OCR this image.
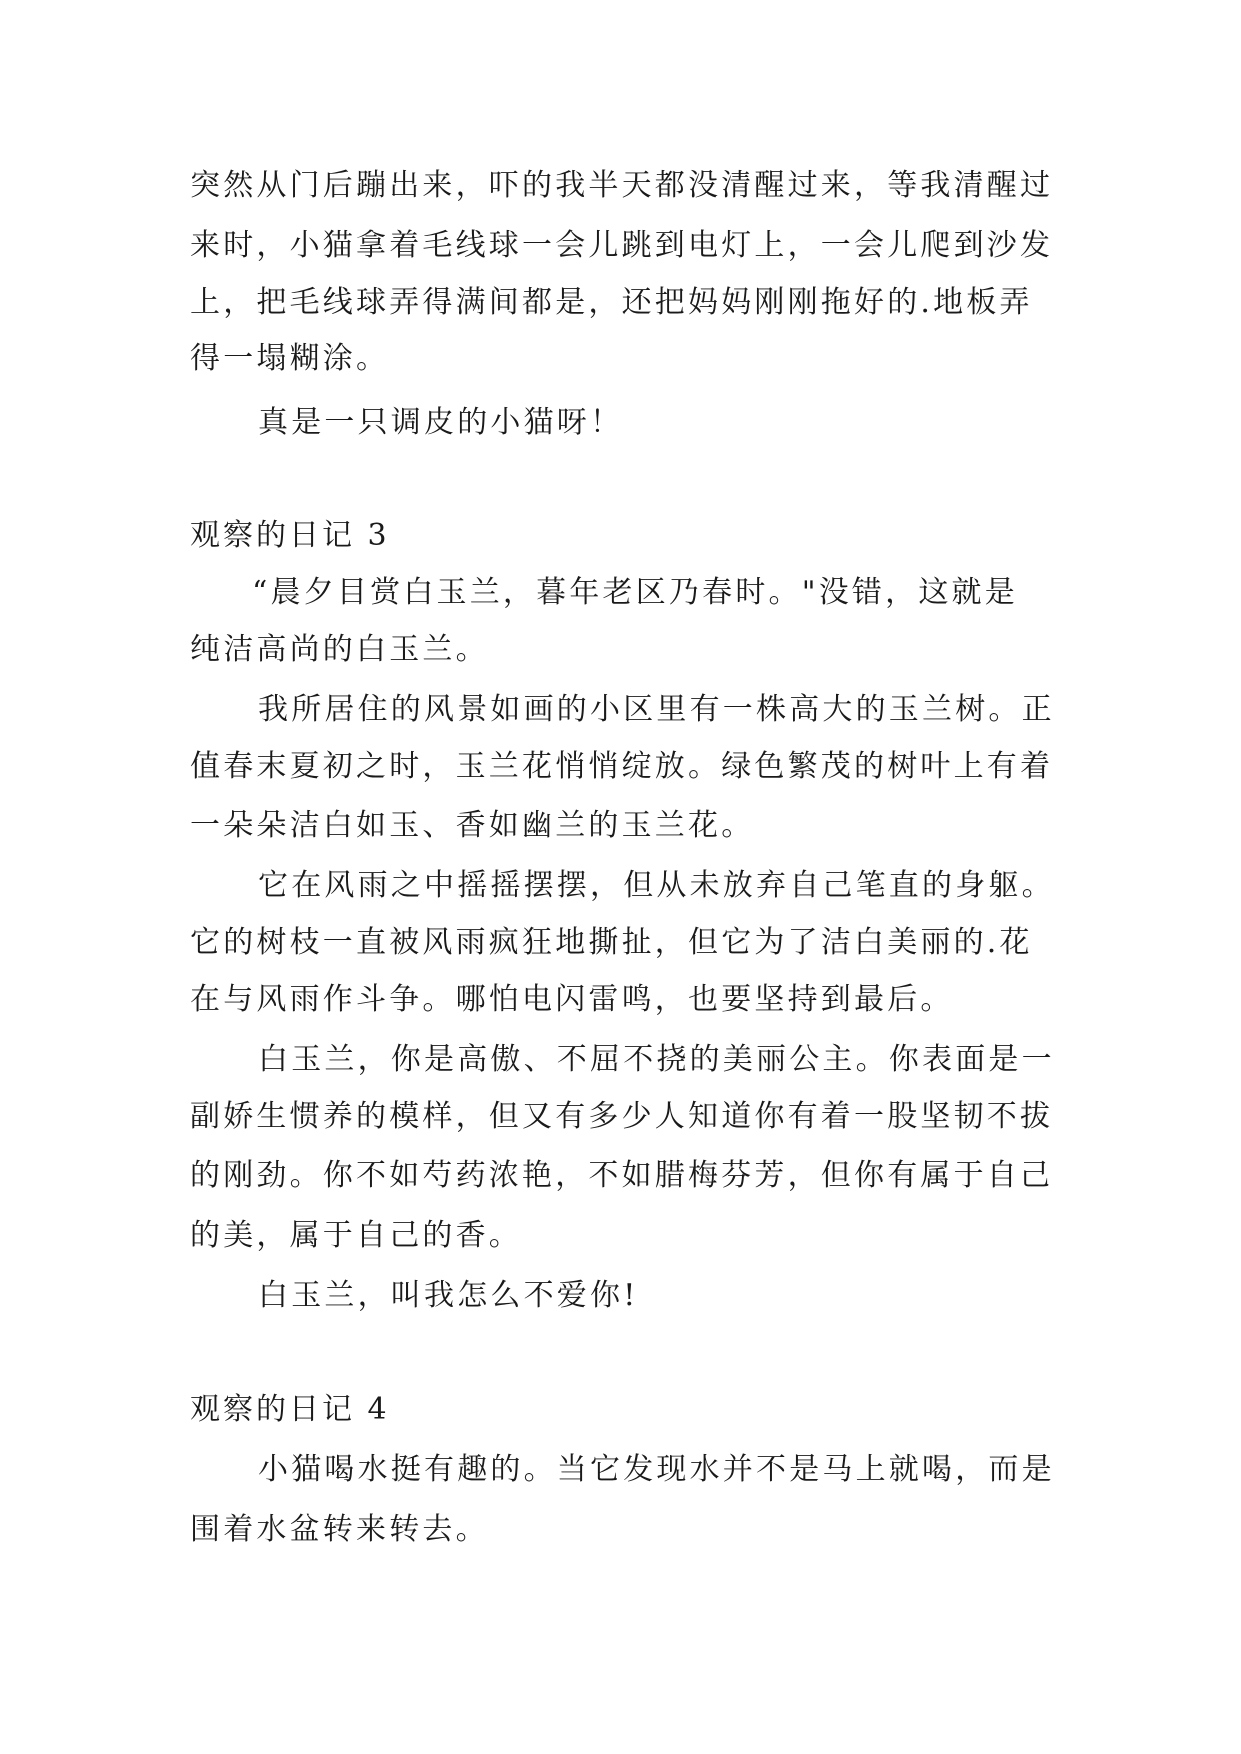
突然从门后蹦出来，吓的我半天都没清醒过来，等我清醒过

来时，小猫拿着毛线球一会儿跳到电灯上，一会儿爬到沙发

上，把毛线球弄得满间都是，还把妈妈刚刚拖好的.地板弄

得一塌糊涂。

真是一只调皮的小猫呀！

观察的日记 3

“晨夕目赏白玉兰，暮年老区乃春时。"没错，这就是

纯洁高尚的白玉兰。

我所居住的风景如画的小区里有一株高大的玉兰树。正

值春末夏初之时，玉兰花悄悄绽放。绿色繁茂的树叶上有着

一朵朵洁白如玉、香如幽兰的玉兰花。

它在风雨之中摇摇摆摆，但从未放弃自己笔直的身躯。

它的树枝一直被风雨疯狂地撕扯，但它为了洁白美丽的.花

在与风雨作斗争。哪怕电闪雷鸣，也要坚持到最后。

白玉兰，你是高傲、不屈不挠的美丽公主。你表面是一

副娇生惯养的模样，但又有多少人知道你有着一股坚韧不拔

的刚劲。你不如芍药浓艳，不如腊梅芬芳，但你有属于自己

的美，属于自己的香。

白玉兰，叫我怎么不爱你!

观察的日记 4

小猫喝水挺有趣的。当它发现水并不是马上就喝，而是

围着水盆转来转去。
